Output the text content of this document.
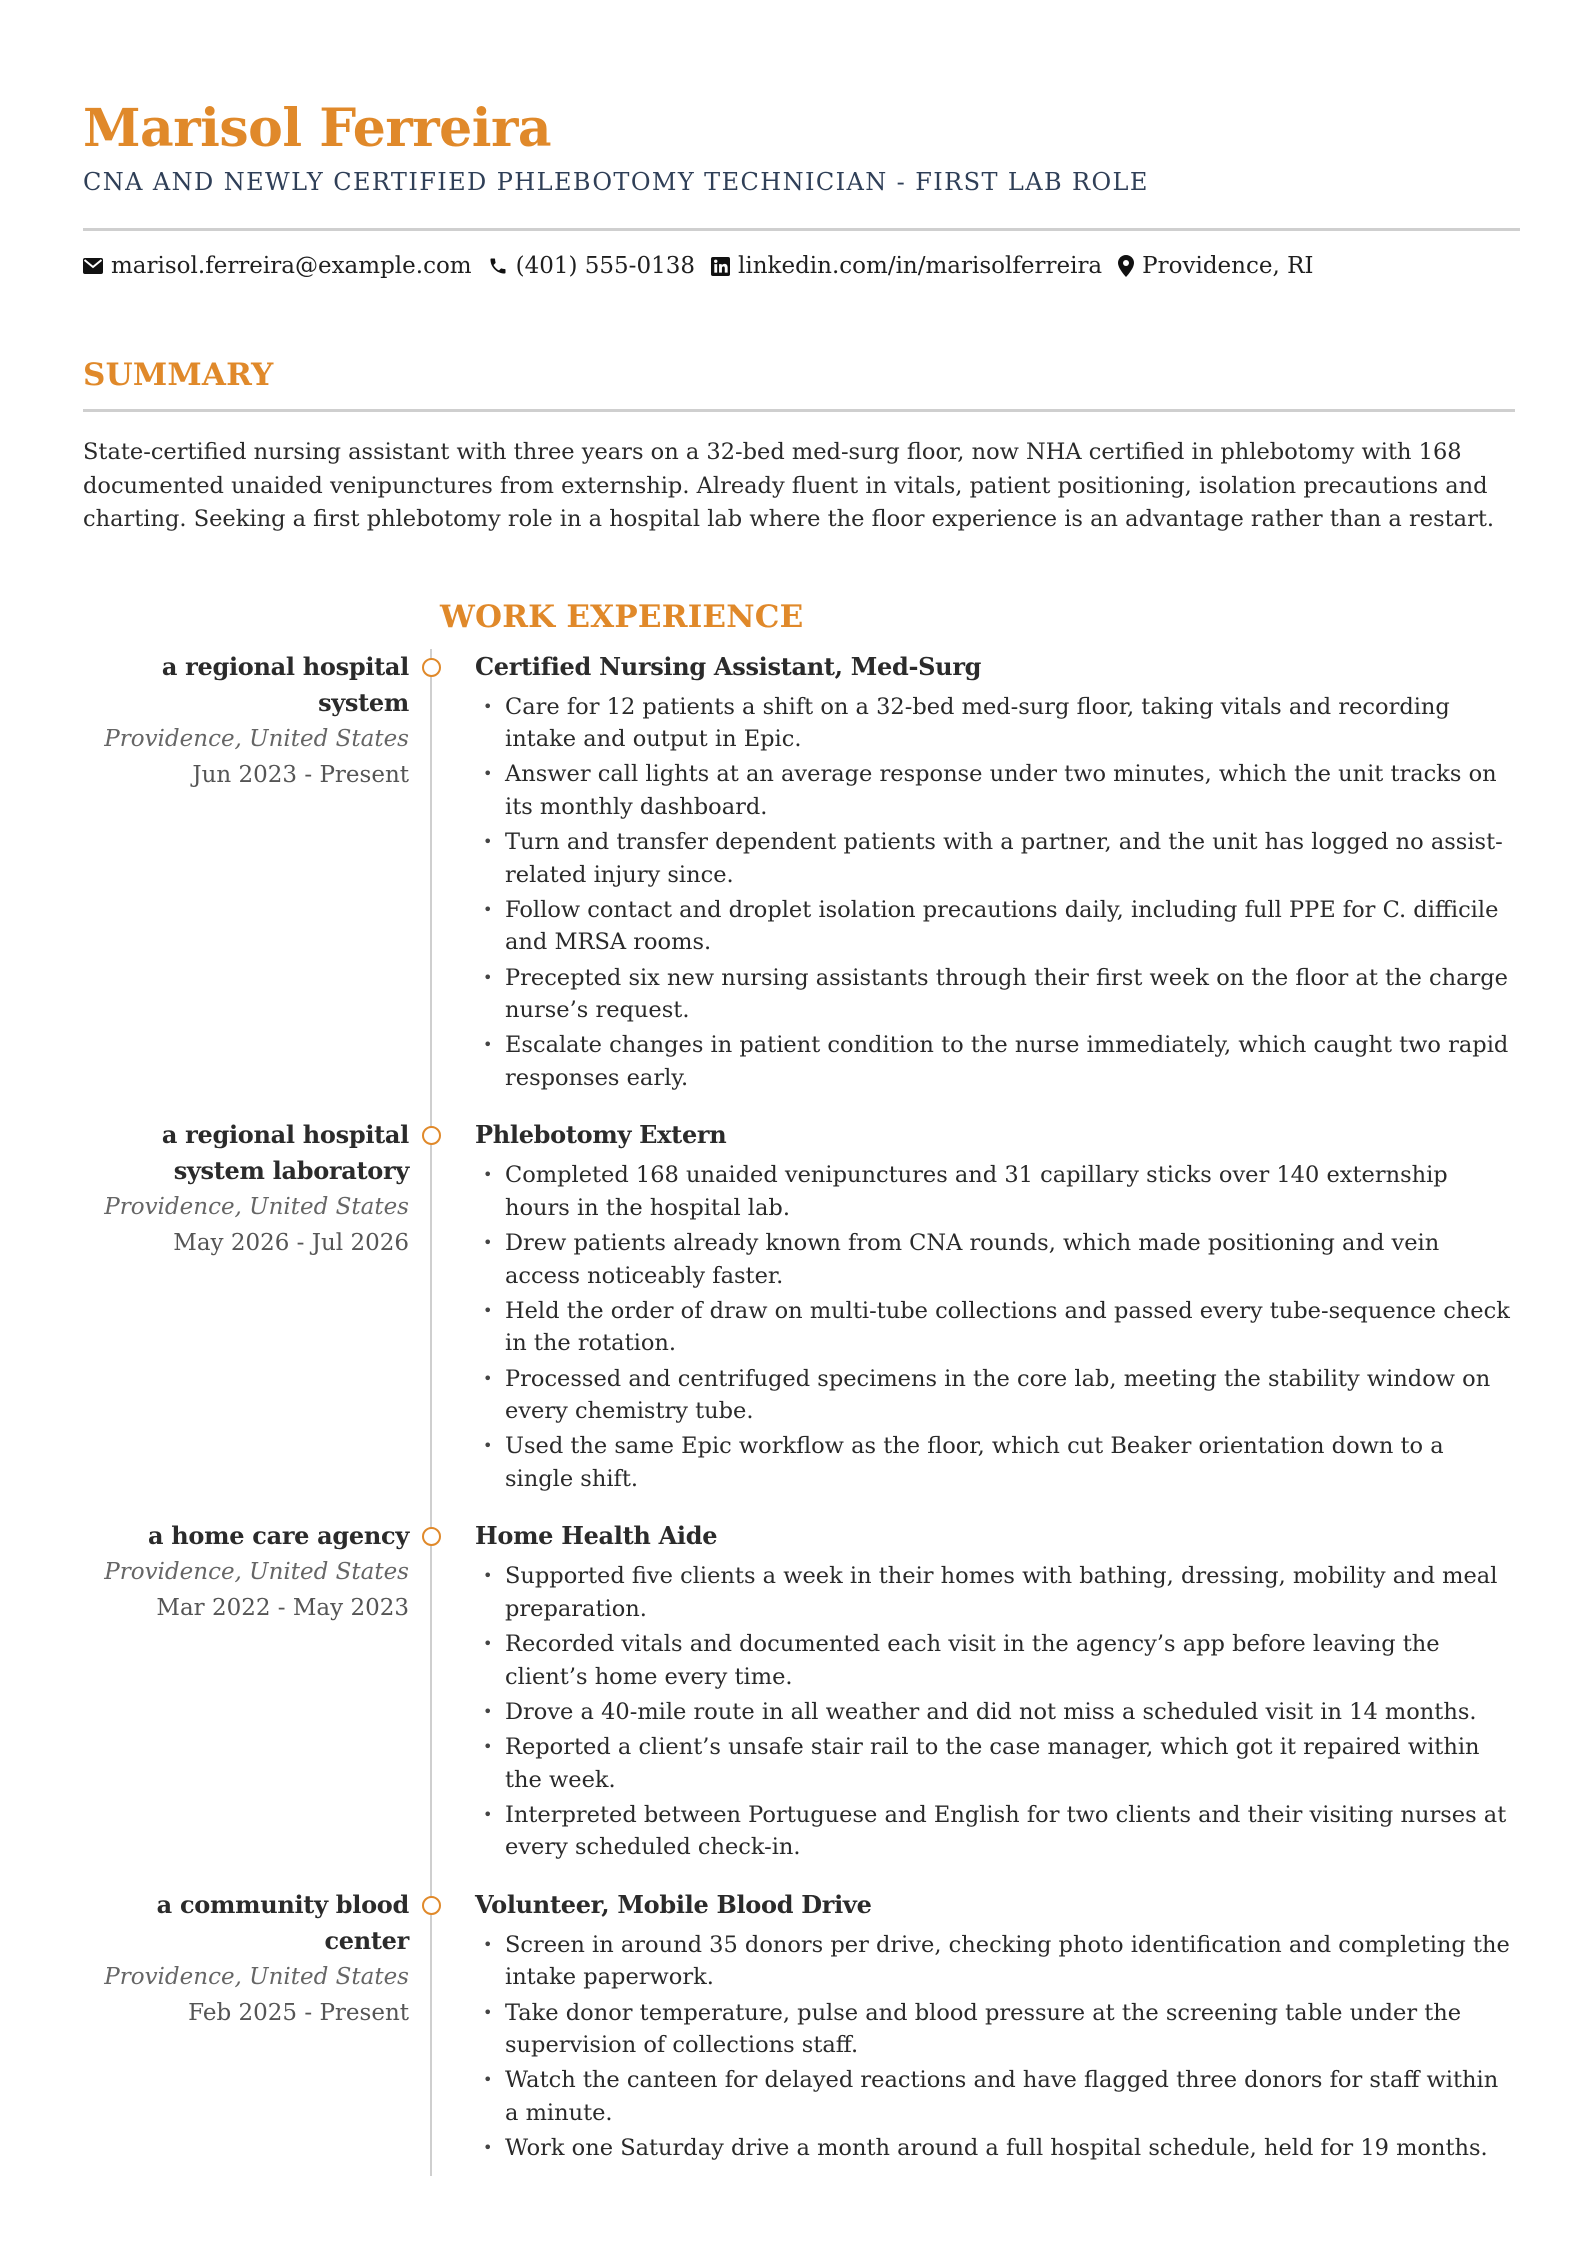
Marisol Ferreira
CNA AND NEWLY CERTIFIED PHLEBOTOMY TECHNICIAN - FIRST LAB ROLE
marisol.ferreira@example.com (401) 555-0138 linkedin.com/in/marisolferreira Providence, RI
SUMMARY
State-certified nursing assistant with three years on a 32-bed med-surg floor, now NHA certified in phlebotomy with 168 documented unaided venipunctures from externship. Already fluent in vitals, patient positioning, isolation precautions and charting. Seeking a first phlebotomy role in a hospital lab where the floor experience is an advantage rather than a restart.
WORK EXPERIENCE
a regional hospital system
Providence, United States
Jun 2023 - Present
Certified Nursing Assistant, Med-Surg
• Care for 12 patients a shift on a 32-bed med-surg floor, taking vitals and recording intake and output in Epic.
• Answer call lights at an average response under two minutes, which the unit tracks on its monthly dashboard.
• Turn and transfer dependent patients with a partner, and the unit has logged no assist-related injury since.
• Follow contact and droplet isolation precautions daily, including full PPE for C. difficile and MRSA rooms.
• Precepted six new nursing assistants through their first week on the floor at the charge nurse’s request.
• Escalate changes in patient condition to the nurse immediately, which caught two rapid responses early.
a regional hospital system laboratory
Providence, United States
May 2026 - Jul 2026
Phlebotomy Extern
• Completed 168 unaided venipunctures and 31 capillary sticks over 140 externship hours in the hospital lab.
• Drew patients already known from CNA rounds, which made positioning and vein access noticeably faster.
• Held the order of draw on multi-tube collections and passed every tube-sequence check in the rotation.
• Processed and centrifuged specimens in the core lab, meeting the stability window on every chemistry tube.
• Used the same Epic workflow as the floor, which cut Beaker orientation down to a single shift.
a home care agency
Providence, United States
Mar 2022 - May 2023
Home Health Aide
• Supported five clients a week in their homes with bathing, dressing, mobility and meal preparation.
• Recorded vitals and documented each visit in the agency’s app before leaving the client’s home every time.
• Drove a 40-mile route in all weather and did not miss a scheduled visit in 14 months.
• Reported a client’s unsafe stair rail to the case manager, which got it repaired within the week.
• Interpreted between Portuguese and English for two clients and their visiting nurses at every scheduled check-in.
a community blood center
Providence, United States
Feb 2025 - Present
Volunteer, Mobile Blood Drive
• Screen in around 35 donors per drive, checking photo identification and completing the intake paperwork.
• Take donor temperature, pulse and blood pressure at the screening table under the supervision of collections staff.
• Watch the canteen for delayed reactions and have flagged three donors for staff within a minute.
• Work one Saturday drive a month around a full hospital schedule, held for 19 months.
